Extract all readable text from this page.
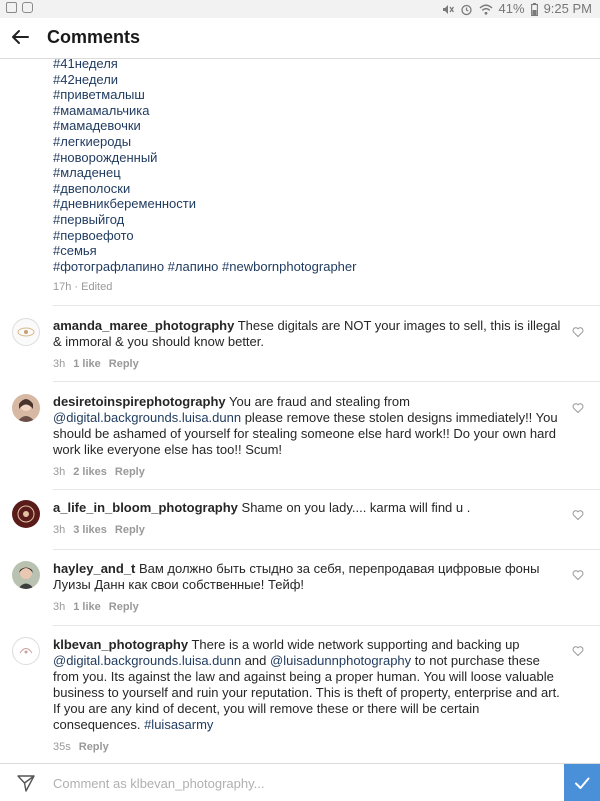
41% 9:25 PM
Comments
#41неделя
#42недели
#приветмалыш
#мамамальчика
#мамадевочки
#легкиероды
#новорожденный
#младенец
#двеполоски
#дневникбеременности
#первыйгод
#первоефото
#семья
#фотографлапино #лапино #newbornphotographer
17h · Edited
amanda_maree_photography These digitals are NOT your images to sell, this is illegal & immoral & you should know better.
3h 1 like Reply
desiretoinspirephotography You are fraud and stealing from @digital.backgrounds.luisa.dunn please remove these stolen designs immediately!! You should be ashamed of yourself for stealing someone else hard work!! Do your own hard work like everyone else has too!! Scum!
3h 2 likes Reply
a_life_in_bloom_photography Shame on you lady.... karma will find u .
3h 3 likes Reply
hayley_and_t Вам должно быть стыдно за себя, перепродавая цифровые фоны Луизы Данн как свои собственные! Тейф!
3h 1 like Reply
klbevan_photography There is a world wide network supporting and backing up @digital.backgrounds.luisa.dunn and @luisadunnphotography to not purchase these from you. Its against the law and against being a proper human. You will loose valuable business to yourself and ruin your reputation. This is theft of property, enterprise and art. If you are any kind of decent, you will remove these or there will be certain consequences. #luisasarmy
35s Reply
Comment as klbevan_photography...
